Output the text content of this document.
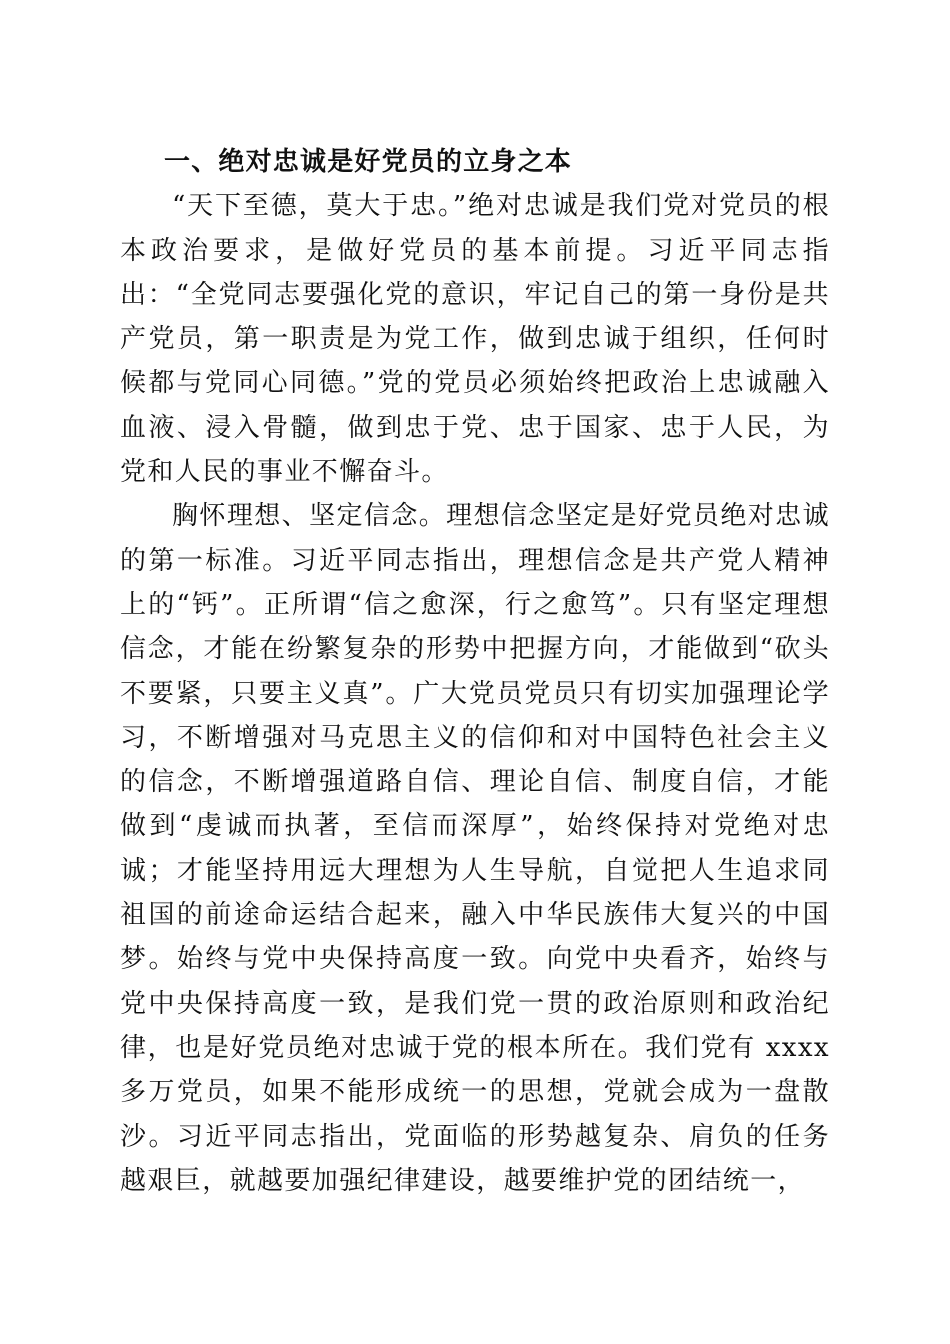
一、绝对忠诚是好党员的立身之本

“天下至德，莫大于忠。”绝对忠诚是我们党对党员的根本政治要求，是做好党员的基本前提。习近平同志指出：“全党同志要强化党的意识，牢记自己的第一身份是共产党员，第一职责是为党工作，做到忠诚于组织，任何时候都与党同心同德。”党的党员必须始终把政治上忠诚融入血液、浸入骨髓，做到忠于党、忠于国家、忠于人民，为党和人民的事业不懈奋斗。

胸怀理想、坚定信念。理想信念坚定是好党员绝对忠诚的第一标准。习近平同志指出，理想信念是共产党人精神上的“钙”。正所谓“信之愈深，行之愈笃”。只有坚定理想信念，才能在纷繁复杂的形势中把握方向，才能做到“砍头不要紧，只要主义真”。广大党员党员只有切实加强理论学习，不断增强对马克思主义的信仰和对中国特色社会主义的信念，不断增强道路自信、理论自信、制度自信，才能做到“虔诚而执著，至信而深厚”，始终保持对党绝对忠诚；才能坚持用远大理想为人生导航，自觉把人生追求同祖国的前途命运结合起来，融入中华民族伟大复兴的中国梦。始终与党中央保持高度一致。向党中央看齐，始终与党中央保持高度一致，是我们党一贯的政治原则和政治纪律，也是好党员绝对忠诚于党的根本所在。我们党有 xxxx 多万党员，如果不能形成统一的思想，党就会成为一盘散沙。习近平同志指出，党面临的形势越复杂、肩负的任务越艰巨，就越要加强纪律建设，越要维护党的团结统一，
